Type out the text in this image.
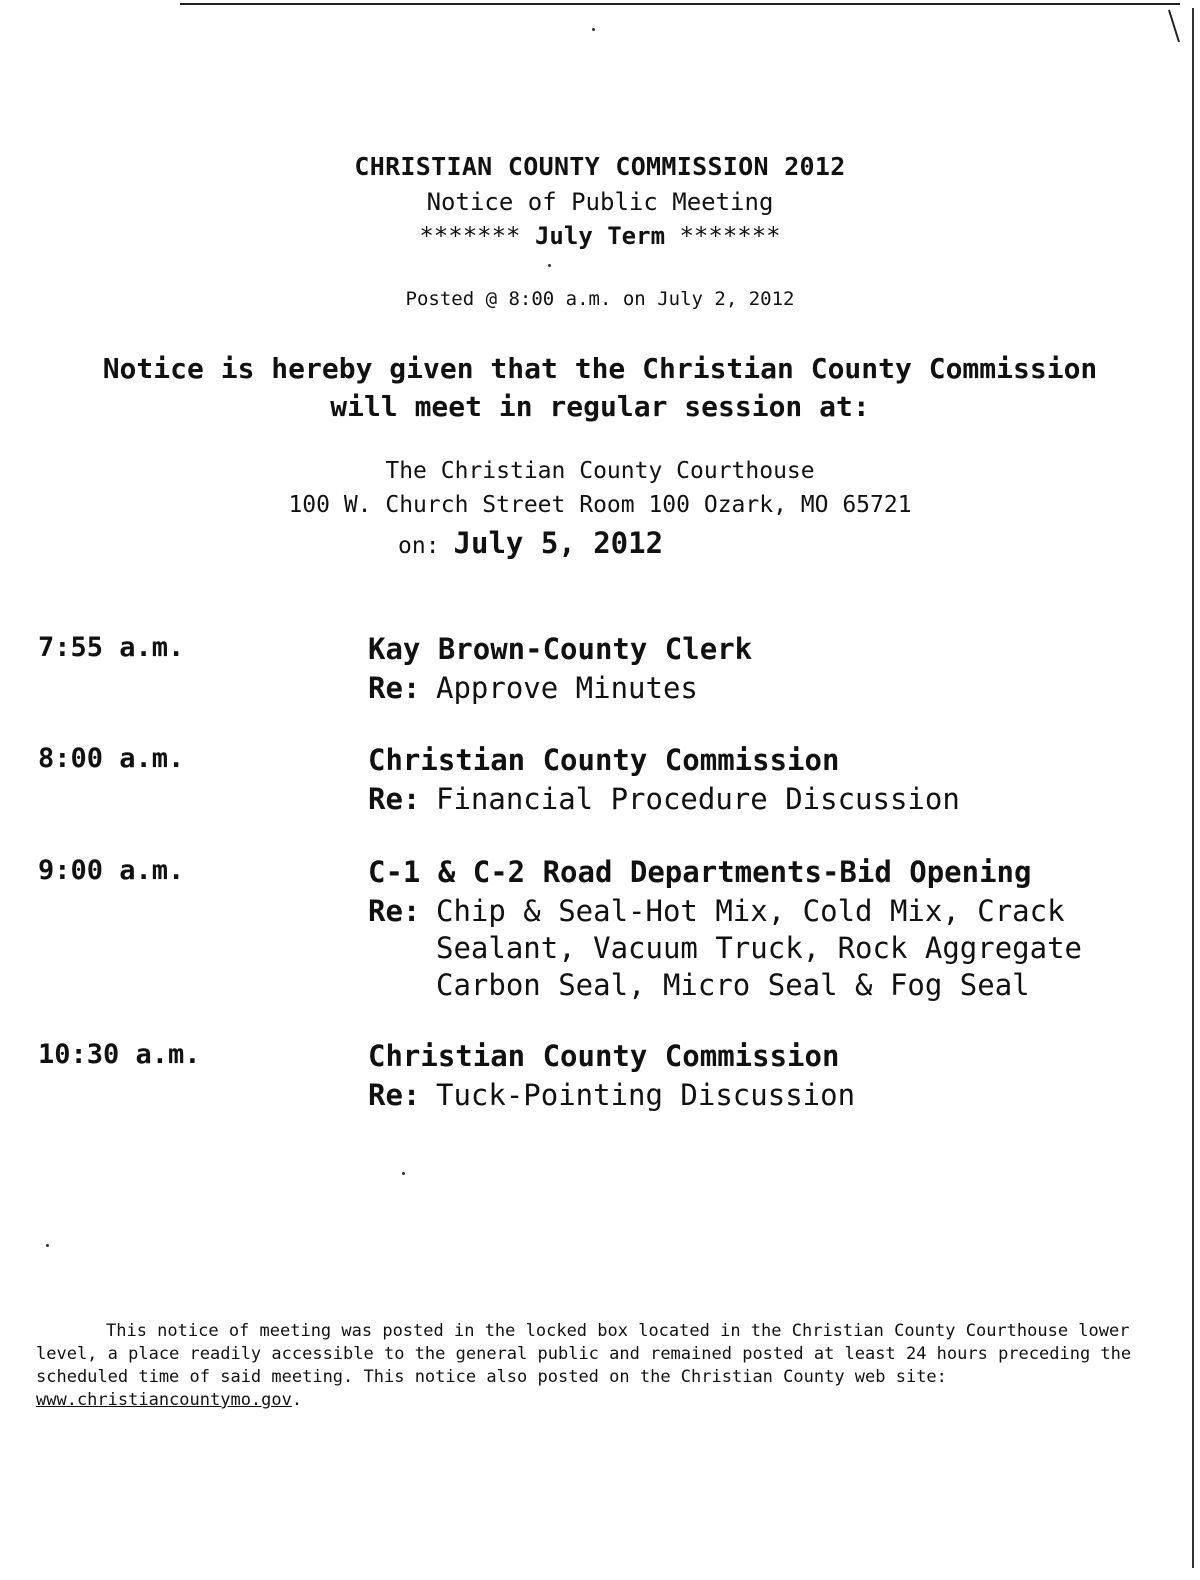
CHRISTIAN COUNTY COMMISSION 2012
Notice of Public Meeting
******* July Term *******
Posted @ 8:00 a.m. on July 2, 2012
Notice is hereby given that the Christian County Commission
will meet in regular session at:
The Christian County Courthouse
100 W. Church Street Room 100 Ozark, MO 65721
on: July 5, 2012
7:55 a.m.	Kay Brown-County Clerk
Re: Approve Minutes
8:00 a.m.	Christian County Commission
Re: Financial Procedure Discussion
9:00 a.m.	C-1 & C-2 Road Departments-Bid Opening
Re: Chip & Seal-Hot Mix, Cold Mix, Crack
Sealant, Vacuum Truck, Rock Aggregate
Carbon Seal, Micro Seal & Fog Seal
10:30 a.m.	Christian County Commission
Re: Tuck-Pointing Discussion
This notice of meeting was posted in the locked box located in the Christian County Courthouse lower level, a place readily accessible to the general public and remained posted at least 24 hours preceding the scheduled time of said meeting. This notice also posted on the Christian County web site: www.christiancountymo.gov.
